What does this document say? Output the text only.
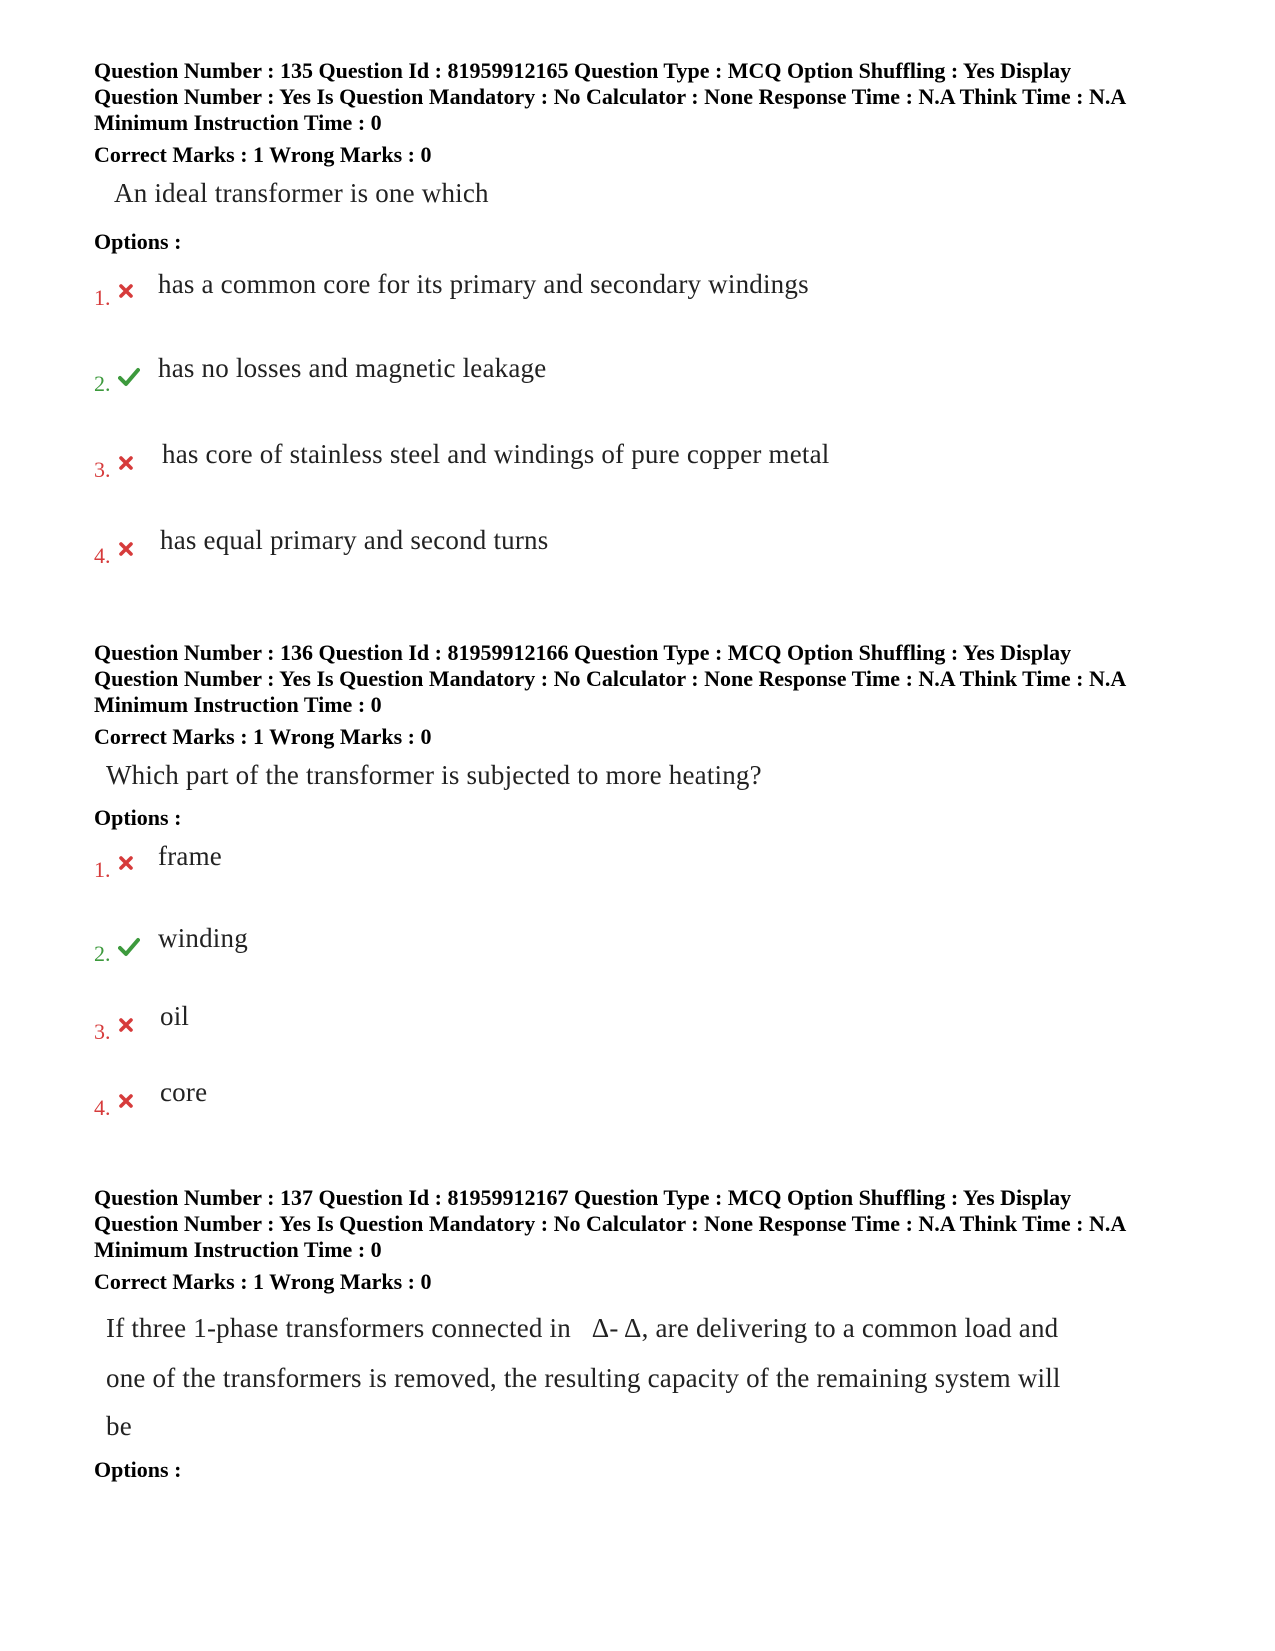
Question Number : 135 Question Id : 81959912165 Question Type : MCQ Option Shuffling : Yes Display
Question Number : Yes Is Question Mandatory : No Calculator : None Response Time : N.A Think Time : N.A
Minimum Instruction Time : 0
Correct Marks : 1 Wrong Marks : 0
An ideal transformer is one which
Options :
1. has a common core for its primary and secondary windings
2.
has no losses and magnetic leakage
3.
has core of stainless steel and windings of pure copper metal
4.
has equal primary and second turns
Question Number : 136 Question Id : 81959912166 Question Type : MCQ Option Shuffling : Yes Display
Question Number : Yes Is Question Mandatory : No Calculator : None Response Time : N.A Think Time : N.A
Minimum Instruction Time : 0
Correct Marks : 1 Wrong Marks : 0
Which part of the transformer is subjected to more heating?
Options :
1. frame
2.
winding
3.
oil
4.
core
Question Number : 137 Question Id : 81959912167 Question Type : MCQ Option Shuffling : Yes Display
Question Number : Yes Is Question Mandatory : No Calculator : None Response Time : N.A Think Time : N.A
Minimum Instruction Time : 0
Correct Marks : 1 Wrong Marks : 0
If three 1-phase transformers connected in   Δ- Δ, are delivering to a common load and
one of the transformers is removed, the resulting capacity of the remaining system will
be
Options :
